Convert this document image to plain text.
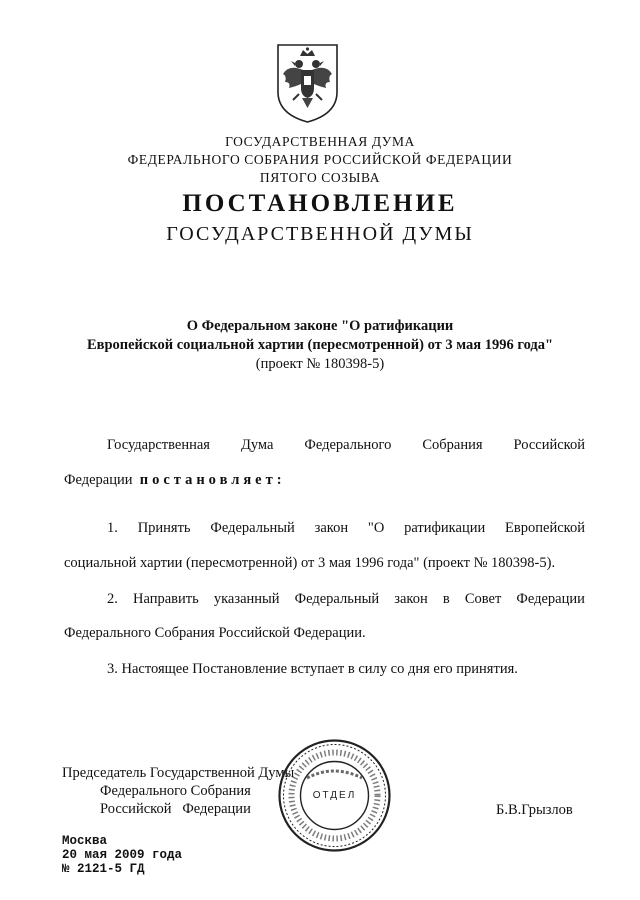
ГОСУДАРСТВЕННАЯ ДУМА
ФЕДЕРАЛЬНОГО СОБРАНИЯ РОССИЙСКОЙ ФЕДЕРАЦИИ
ПЯТОГО СОЗЫВА
ПОСТАНОВЛЕНИЕ
ГОСУДАРСТВЕННОЙ ДУМЫ
О Федеральном законе "О ратификации
Европейской социальной хартии (пересмотренной) от 3 мая 1996 года"
(проект № 180398-5)
Государственная Дума Федерального Собрания Российской
Федерации постановляет:
1. Принять Федеральный закон "О ратификации Европейской
социальной хартии (пересмотренной) от 3 мая 1996 года" (проект № 180398-5).
2. Направить указанный Федеральный закон в Совет Федерации
Федерального Собрания Российской Федерации.
3. Настоящее Постановление вступает в силу со дня его принятия.
Председатель Государственной Думы
Федерального Собрания
Российской Федерации	Б.В.Грызлов
ОТДЕЛ
Москва
20 мая 2009 года
№ 2121-5 ГД
